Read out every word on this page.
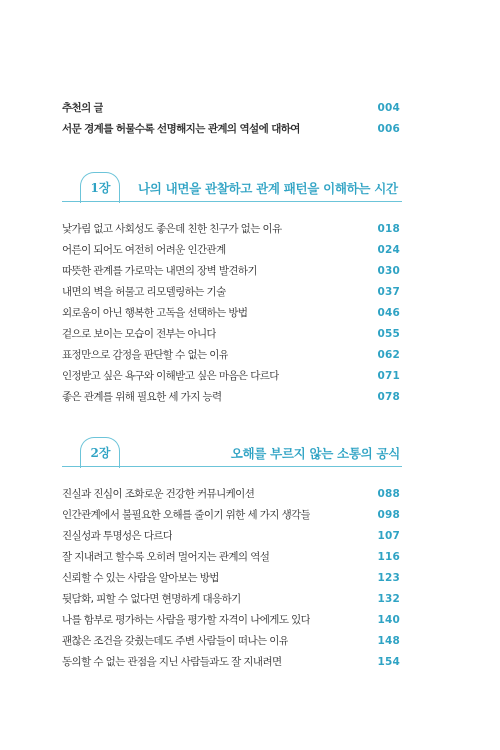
추천의 글	004
서문 경계를 허물수록 선명해지는 관계의 역설에 대하여	006
1장	나의 내면을 관찰하고 관계 패턴을 이해하는 시간
낯가림 없고 사회성도 좋은데 친한 친구가 없는 이유	018
어른이 되어도 여전히 어려운 인간관계	024
따뜻한 관계를 가로막는 내면의 장벽 발견하기	030
내면의 벽을 허물고 리모델링하는 기술	037
외로움이 아닌 행복한 고독을 선택하는 방법	046
겉으로 보이는 모습이 전부는 아니다	055
표정만으로 감정을 판단할 수 없는 이유	062
인정받고 싶은 욕구와 이해받고 싶은 마음은 다르다	071
좋은 관계를 위해 필요한 세 가지 능력	078
2장	오해를 부르지 않는 소통의 공식
진실과 진심이 조화로운 건강한 커뮤니케이션	088
인간관계에서 불필요한 오해를 줄이기 위한 세 가지 생각들	098
진실성과 투명성은 다르다	107
잘 지내려고 할수록 오히려 멀어지는 관계의 역설	116
신뢰할 수 있는 사람을 알아보는 방법	123
뒷담화, 피할 수 없다면 현명하게 대응하기	132
나를 함부로 평가하는 사람을 평가할 자격이 나에게도 있다	140
괜찮은 조건을 갖췄는데도 주변 사람들이 떠나는 이유	148
동의할 수 없는 관점을 지닌 사람들과도 잘 지내려면	154
